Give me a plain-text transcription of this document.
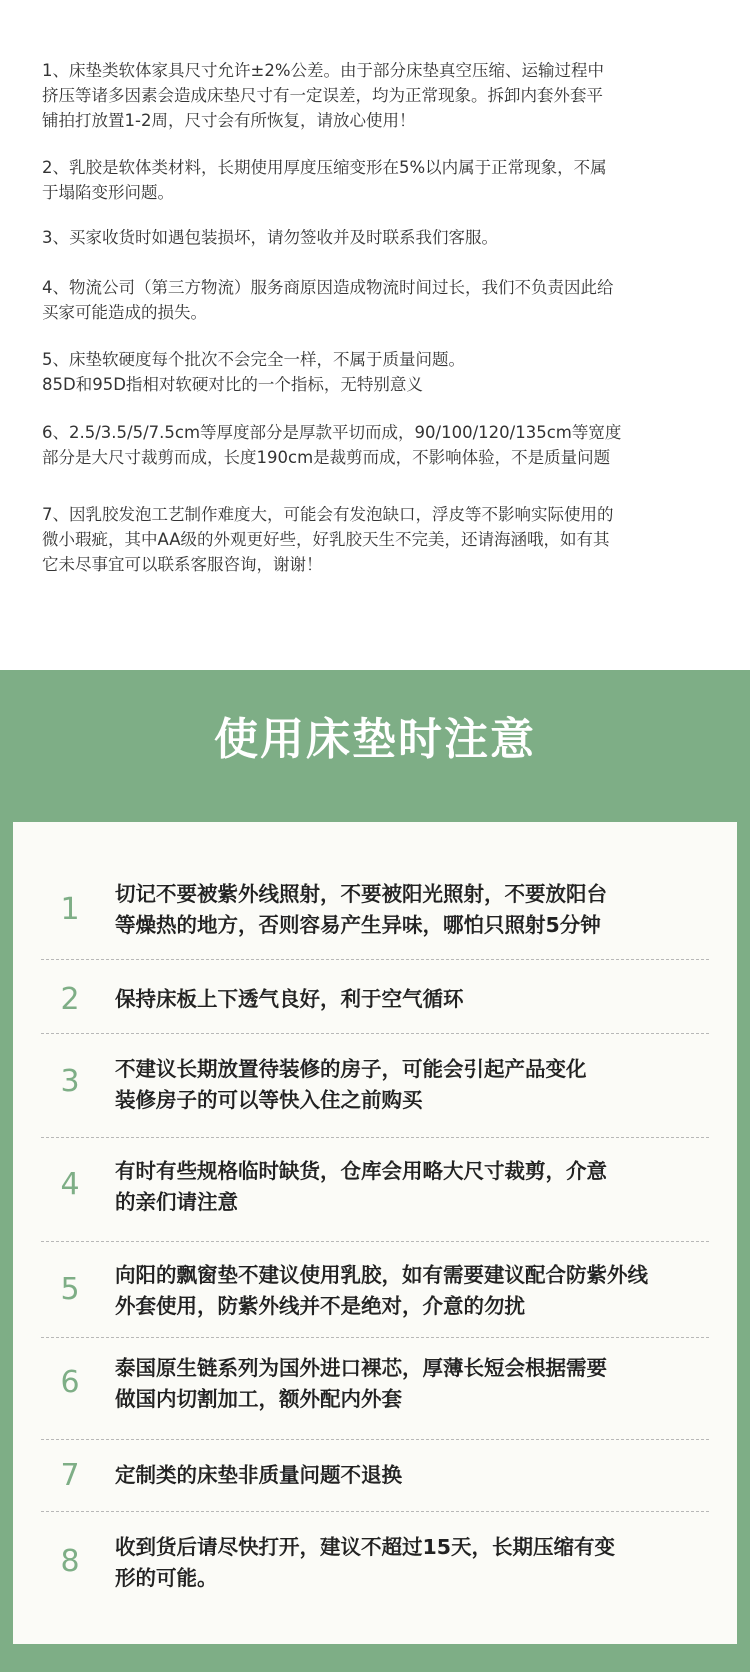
1、床垫类软体家具尺寸允许±2%公差。由于部分床垫真空压缩、运输过程中
挤压等诸多因素会造成床垫尺寸有一定误差，均为正常现象。拆卸内套外套平
铺拍打放置1-2周，尺寸会有所恢复，请放心使用！

2、乳胶是软体类材料，长期使用厚度压缩变形在5%以内属于正常现象，不属
于塌陷变形问题。

3、买家收货时如遇包装损坏，请勿签收并及时联系我们客服。

4、物流公司（第三方物流）服务商原因造成物流时间过长，我们不负责因此给
买家可能造成的损失。

5、床垫软硬度每个批次不会完全一样，不属于质量问题。
85D和95D指相对软硬对比的一个指标，无特别意义

6、2.5/3.5/5/7.5cm等厚度部分是厚款平切而成，90/100/120/135cm等宽度
部分是大尺寸裁剪而成，长度190cm是裁剪而成，不影响体验，不是质量问题

7、因乳胶发泡工艺制作难度大，可能会有发泡缺口，浮皮等不影响实际使用的
微小瑕疵，其中AA级的外观更好些，好乳胶天生不完美，还请海涵哦，如有其
它未尽事宜可以联系客服咨询，谢谢！

使用床垫时注意
1 切记不要被紫外线照射，不要被阳光照射，不要放阳台
等燥热的地方，否则容易产生异味，哪怕只照射5分钟
2 保持床板上下透气良好，利于空气循环
3 不建议长期放置待装修的房子，可能会引起产品变化
装修房子的可以等快入住之前购买
4 有时有些规格临时缺货，仓库会用略大尺寸裁剪，介意
的亲们请注意
5 向阳的飘窗垫不建议使用乳胶，如有需要建议配合防紫外线
外套使用，防紫外线并不是绝对，介意的勿扰
6 泰国原生链系列为国外进口裸芯，厚薄长短会根据需要
做国内切割加工，额外配内外套
7 定制类的床垫非质量问题不退换
8 收到货后请尽快打开，建议不超过15天，长期压缩有变
形的可能。
